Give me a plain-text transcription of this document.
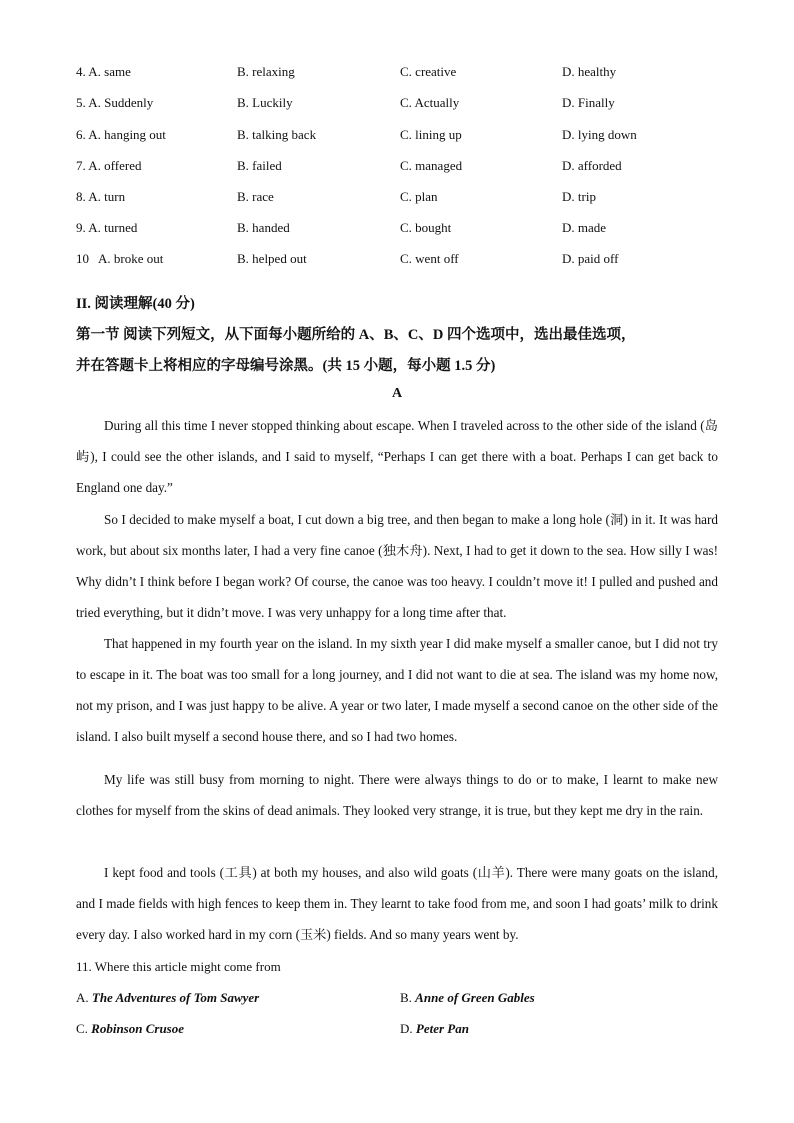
4. A. same	B. relaxing	C. creative	D. healthy
5. A. Suddenly	B. Luckily	C. Actually	D. Finally
6. A. hanging out	B. talking back	C. lining up	D. lying down
7. A. offered	B. failed	C. managed	D. afforded
8. A. turn	B. race	C. plan	D. trip
9. A. turned	B. handed	C. bought	D. made
10   A. broke out	B. helped out	C. went off	D. paid off
II. 阅读理解(40 分)
第一节 阅读下列短文，从下面每小题所给的 A、B、C、D 四个选项中，选出最佳选项，
并在答题卡上将相应的字母编号涂黑。(共 15 小题，每小题 1.5 分)
A

During all this time I never stopped thinking about escape. When I traveled across to the other side of the island (岛屿), I could see the other islands, and I said to myself, “Perhaps I can get there with a boat. Perhaps I can get back to England one day.”

So I decided to make myself a boat, I cut down a big tree, and then began to make a long hole (洞) in it. It was hard work, but about six months later, I had a very fine canoe (独木舟). Next, I had to get it down to the sea. How silly I was! Why didn’t I think before I began work? Of course, the canoe was too heavy. I couldn’t move it! I pulled and pushed and tried everything, but it didn’t move. I was very unhappy for a long time after that.

That happened in my fourth year on the island. In my sixth year I did make myself a smaller canoe, but I did not try to escape in it. The boat was too small for a long journey, and I did not want to die at sea. The island was my home now, not my prison, and I was just happy to be alive. A year or two later, I made myself a second canoe on the other side of the island. I also built myself a second house there, and so I had two homes.

My life was still busy from morning to night. There were always things to do or to make, I learnt to make new clothes for myself from the skins of dead animals. They looked very strange, it is true, but they kept me dry in the rain.

I kept food and tools (工具) at both my houses, and also wild goats (山羊). There were many goats on the island, and I made fields with high fences to keep them in. They learnt to take food from me, and soon I had goats’ milk to drink every day. I also worked hard in my corn (玉米) fields. And so many years went by.

11. Where this article might come from
A. The Adventures of Tom Sawyer	B. Anne of Green Gables
C. Robinson Crusoe	D. Peter Pan
